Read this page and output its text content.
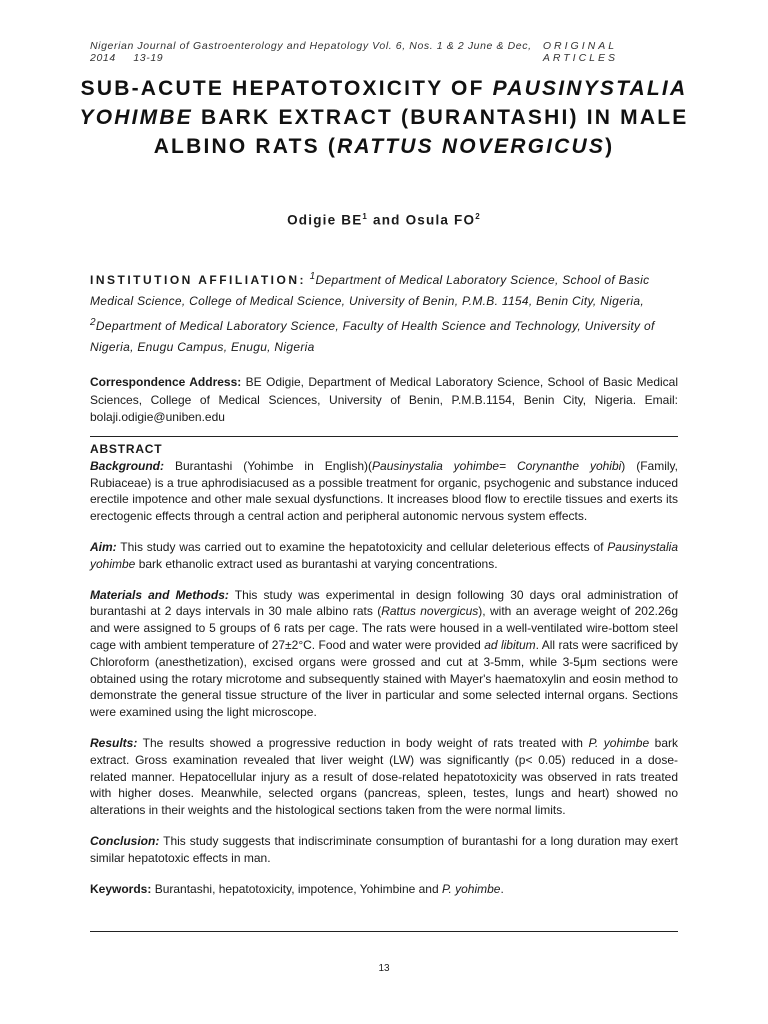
Nigerian Journal of Gastroenterology and Hepatology Vol. 6, Nos. 1 & 2 June & Dec, 2014 13-19
ORIGINAL ARTICLES
SUB-ACUTE HEPATOTOXICITY OF PAUSINYSTALIA YOHIMBE BARK EXTRACT (BURANTASHI) IN MALE ALBINO RATS (RATTUS NOVERGICUS)
Odigie $BE^1$ and Osula $FO^2$
INSTITUTION AFFILIATION: $^1$Department of Medical Laboratory Science, School of Basic Medical Science, College of Medical Science, University of Benin, P.M.B. 1154, Benin City, Nigeria, $^2$Department of Medical Laboratory Science, Faculty of Health Science and Technology, University of Nigeria, Enugu Campus, Enugu, Nigeria
Correspondence Address: BE Odigie, Department of Medical Laboratory Science, School of Basic Medical Sciences, College of Medical Sciences, University of Benin, P.M.B.1154, Benin City, Nigeria. Email: bolaji.odigie@uniben.edu

ABSTRACT

Background: Burantashi (Yohimbe in English)(Pausinystalia yohimbe= Corynanthe yohibi) (Family, Rubiaceae) is a true aphrodisiacused as a possible treatment for organic, psychogenic and substance induced erectile impotence and other male sexual dysfunctions. It increases blood flow to erectile tissues and exerts its erectogenic effects through a central action and peripheral autonomic nervous system effects.

Aim: This study was carried out to examine the hepatotoxicity and cellular deleterious effects of Pausinystalia yohimbe bark ethanolic extract used as burantashi at varying concentrations.

Materials and Methods: This study was experimental in design following 30 days oral administration of burantashi at 2 days intervals in 30 male albino rats (Rattus novergicus), with an average weight of 202.26g and were assigned to 5 groups of 6 rats per cage. The rats were housed in a well-ventilated wire-bottom steel cage with ambient temperature of 27±2°C. Food and water were provided ad libitum. All rats were sacrificed by Chloroform (anesthetization), excised organs were grossed and cut at 3-5mm, while 3-5μm sections were obtained using the rotary microtome and subsequently stained with Mayer's haematoxylin and eosin method to demonstrate the general tissue structure of the liver in particular and some selected internal organs. Sections were examined using the light microscope.

Results: The results showed a progressive reduction in body weight of rats treated with P. yohimbe bark extract. Gross examination revealed that liver weight (LW) was significantly (p< 0.05) reduced in a dose-related manner. Hepatocellular injury as a result of dose-related hepatotoxicity was observed in rats treated with higher doses. Meanwhile, selected organs (pancreas, spleen, testes, lungs and heart) showed no alterations in their weights and the histological sections taken from the were normal limits.

Conclusion: This study suggests that indiscriminate consumption of burantashi for a long duration may exert similar hepatotoxic effects in man.

Keywords: Burantashi, hepatotoxicity, impotence, Yohimbine and P. yohimbe.

13
